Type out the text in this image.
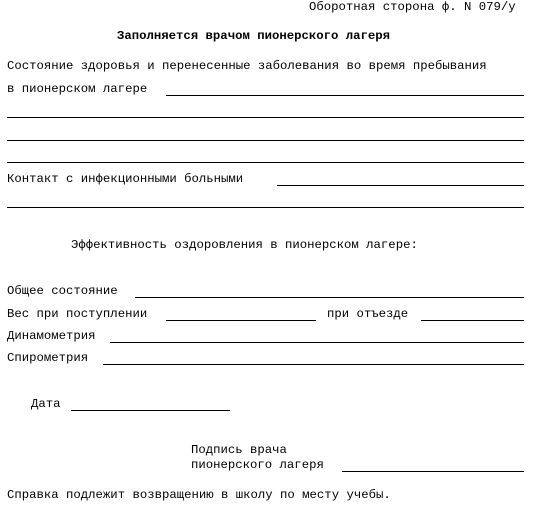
Оборотная сторона ф. N 079/у
Заполняется врачом пионерского лагеря
Состояние здоровья и перенесенные заболевания во время пребывания
в пионерском лагере
Контакт с инфекционными больными
Эффективность оздоровления в пионерском лагере:
Общее состояние
Вес при поступлении	при отъезде
Динамометрия
Спирометрия
Дата
Подпись врача
пионерского лагеря
Справка подлежит возвращению в школу по месту учебы.
